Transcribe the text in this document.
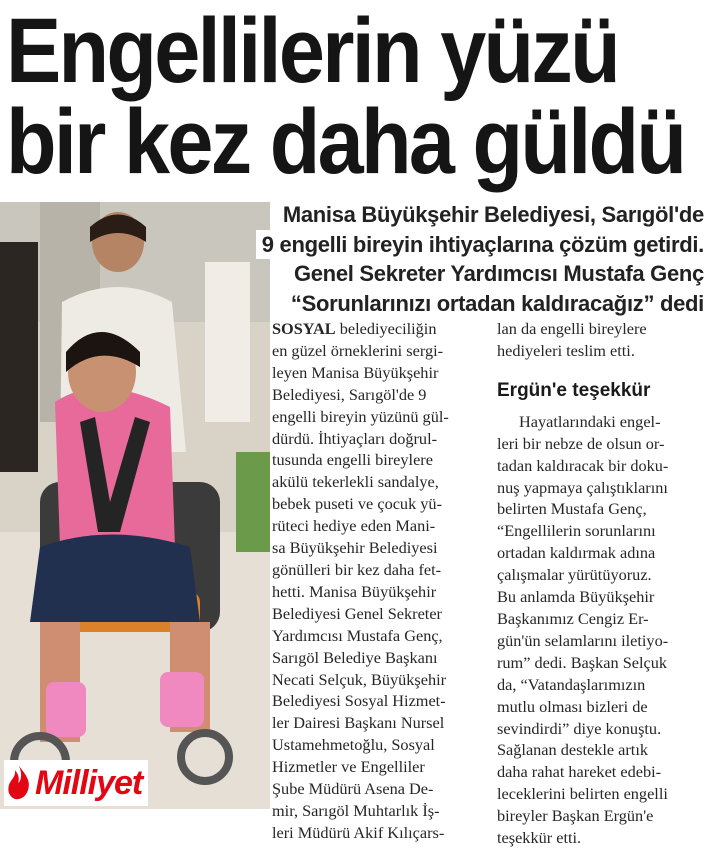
Engellilerin yüzü
bir kez daha güldü
Manisa Büyükşehir Belediyesi, Sarıgöl'de 9 engelli bireyin ihtiyaçlarına çözüm getirdi.
Genel Sekreter Yardımcısı Mustafa Genç
“Sorunlarınızı ortadan kaldıracağız” dedi
SOSYAL belediyeciliğin
en güzel örneklerini sergi-
leyen Manisa Büyükşehir
Belediyesi, Sarıgöl'de 9
engelli bireyin yüzünü gül-
dürdü. İhtiyaçları doğrul-
tusunda engelli bireylere
akülü tekerlekli sandalye,
bebek puseti ve çocuk yü-
rüteci hediye eden Mani-
sa Büyükşehir Belediyesi
gönülleri bir kez daha fet-
hetti. Manisa Büyükşehir
Belediyesi Genel Sekreter
Yardımcısı Mustafa Genç,
Sarıgöl Belediye Başkanı
Necati Selçuk, Büyükşehir
Belediyesi Sosyal Hizmet-
ler Dairesi Başkanı Nursel
Ustamehmetoğlu, Sosyal
Hizmetler ve Engelliler
Şube Müdürü Asena De-
mir, Sarıgöl Muhtarlık İş-
leri Müdürü Akif Kılıçars-
lan da engelli bireylere
hediyeleri teslim etti.
Ergün'e teşekkür
Hayatlarındaki engel-
leri bir nebze de olsun or-
tadan kaldıracak bir doku-
nuş yapmaya çalıştıklarını
belirten Mustafa Genç,
“Engellilerin sorunlarını
ortadan kaldırmak adına
çalışmalar yürütüyoruz.
Bu anlamda Büyükşehir
Başkanımız Cengiz Er-
gün'ün selamlarını iletiyo-
rum” dedi. Başkan Selçuk
da, “Vatandaşlarımızın
mutlu olması bizleri de
sevindirdi” diye konuştu.
Sağlanan destekle artık
daha rahat hareket edebi-
leceklerini belirten engelli
bireyler Başkan Ergün'e
teşekkür etti.
Milliyet
